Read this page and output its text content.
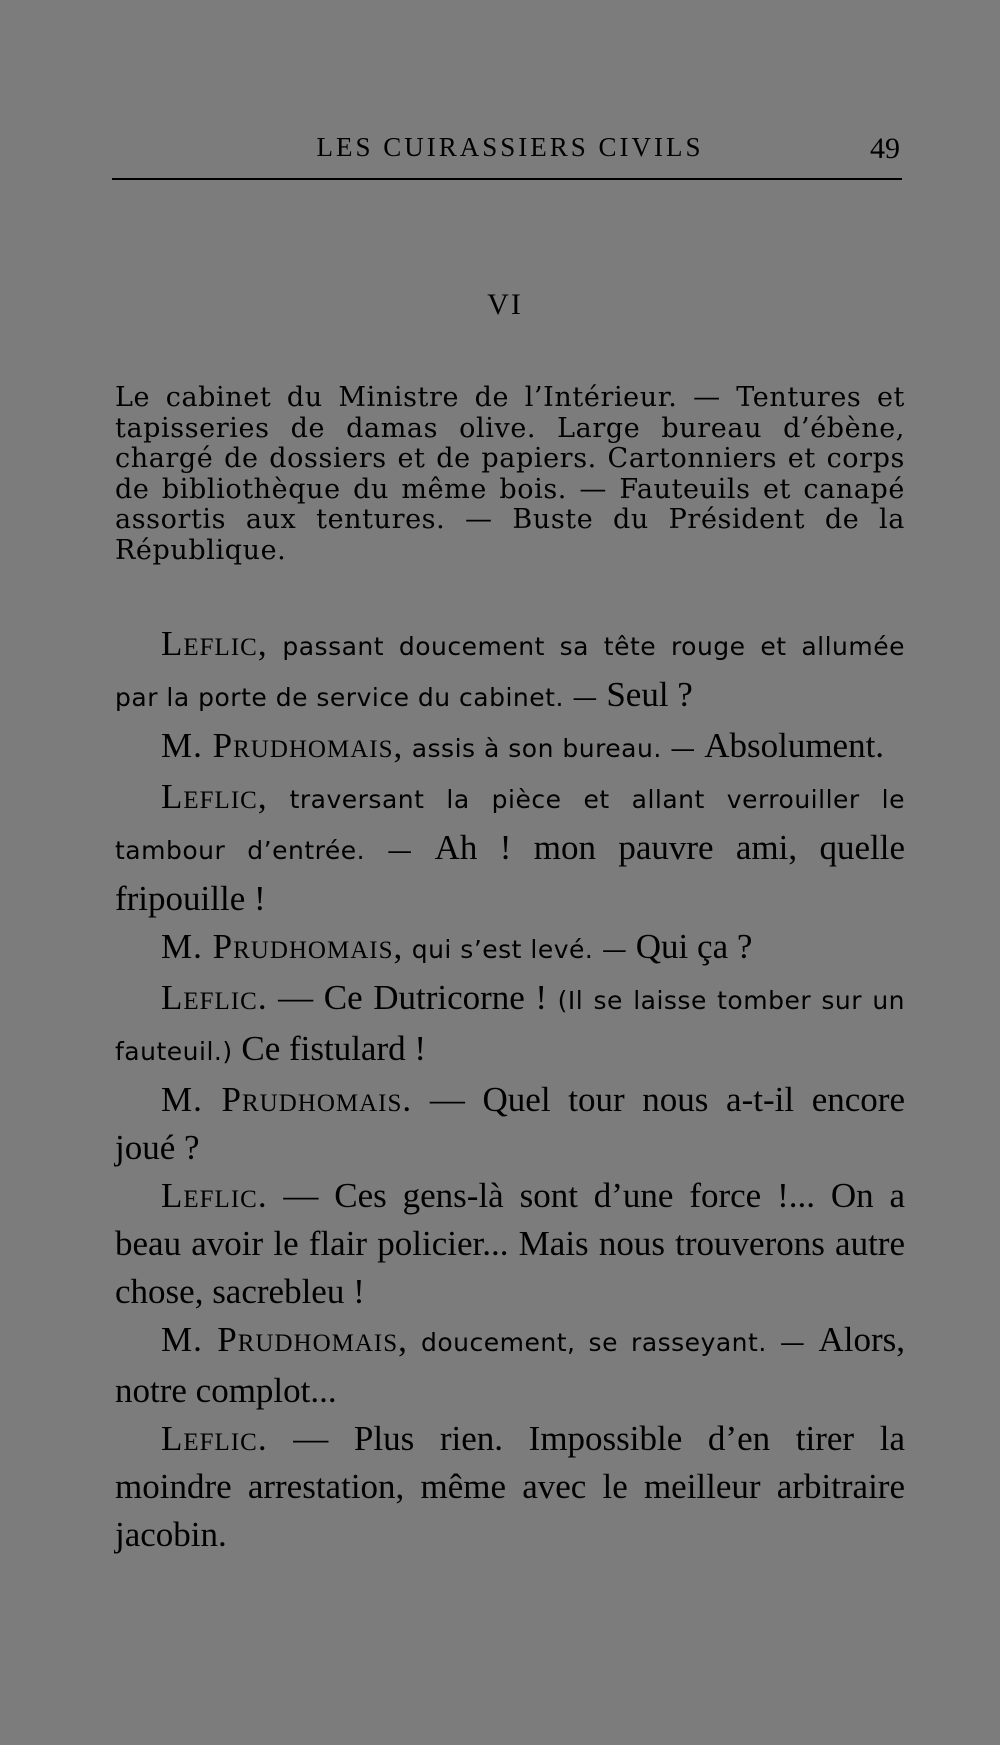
LES CUIRASSIERS CIVILS	49
VI
Le cabinet du Ministre de l’Intérieur. — Tentures et tapisseries de damas olive. Large bureau d’ébène, chargé de dossiers et de papiers. Cartonniers et corps de bibliothèque du même bois. — Fauteuils et canapé assortis aux tentures. — Buste du Président de la République.

Leflic, passant doucement sa tête rouge et allumée par la porte de service du cabinet. — Seul ?

M. Prudhomais, assis à son bureau. — Absolument.

Leflic, traversant la pièce et allant verrouiller le tambour d’entrée. — Ah ! mon pauvre ami, quelle fripouille !

M. Prudhomais, qui s’est levé. — Qui ça ?

Leflic. — Ce Dutricorne ! (Il se laisse tomber sur un fauteuil.) Ce fistulard !

M. Prudhomais. — Quel tour nous a-t-il encore joué ?

Leflic. — Ces gens-là sont d’une force !... On a beau avoir le flair policier... Mais nous trouverons autre chose, sacrebleu !

M. Prudhomais, doucement, se rasseyant. — Alors, notre complot...

Leflic. — Plus rien. Impossible d’en tirer la moindre arrestation, même avec le meilleur arbitraire jacobin.
